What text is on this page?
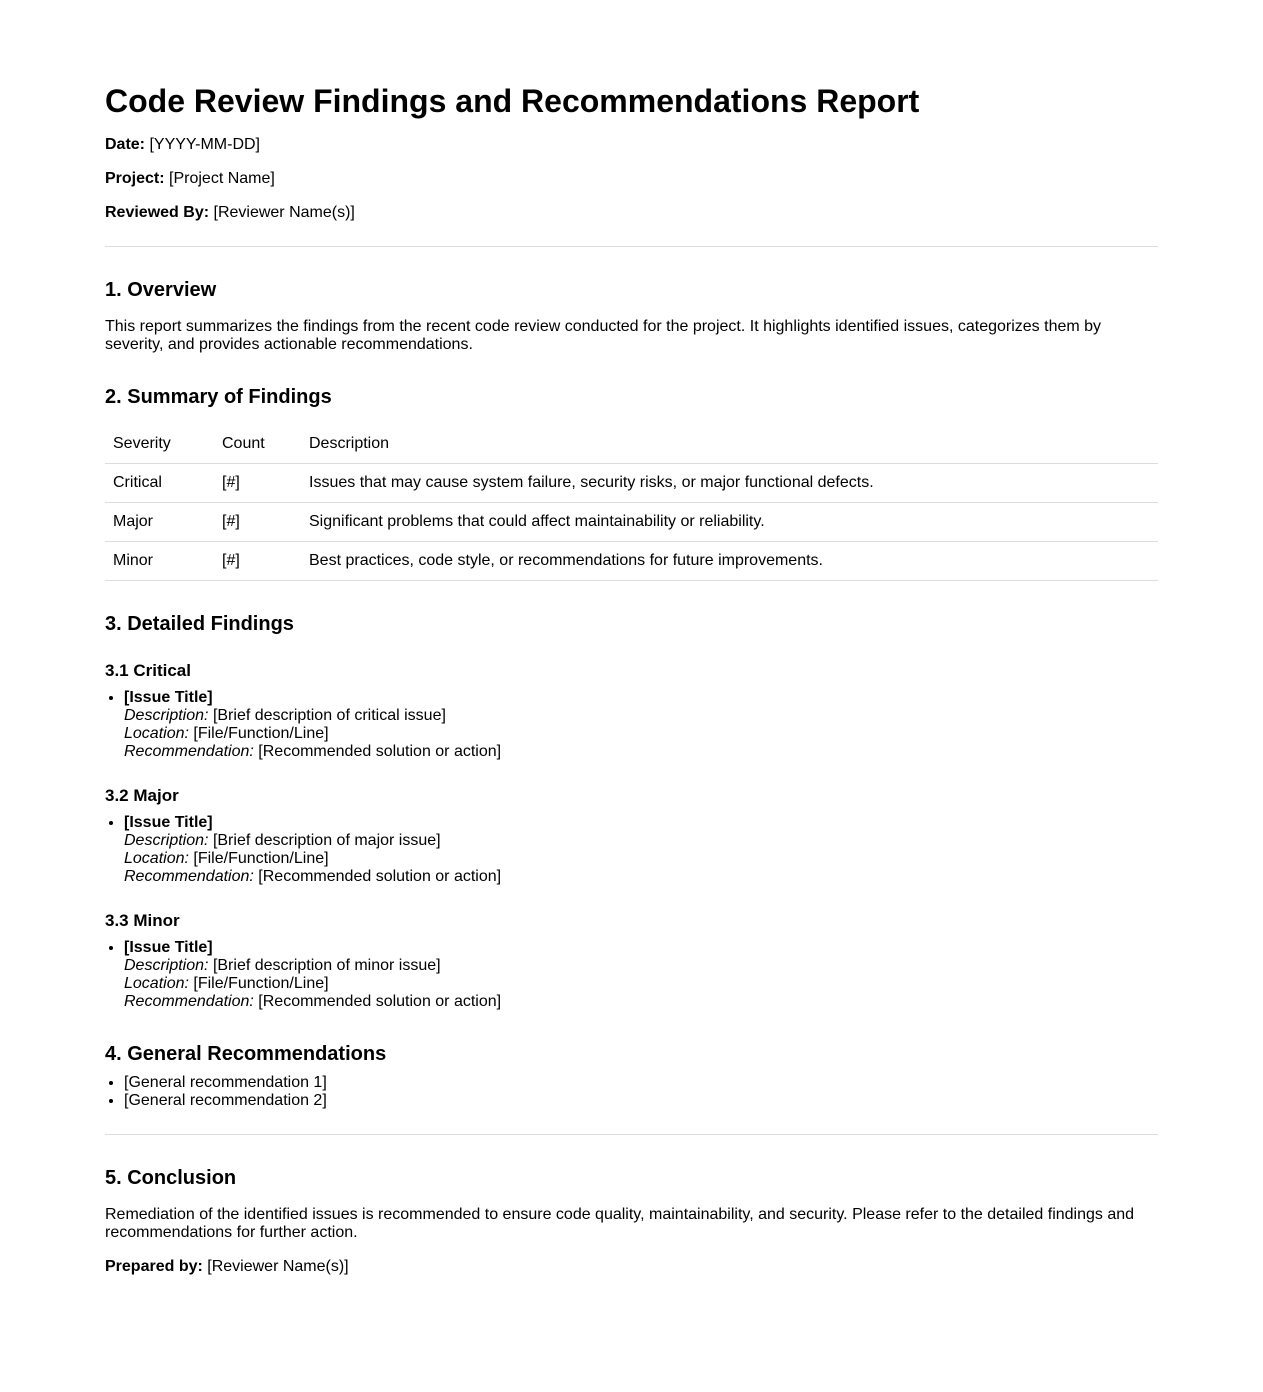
Code Review Findings and Recommendations Report

Date: [YYYY-MM-DD]

Project: [Project Name]

Reviewed By: [Reviewer Name(s)]

1. Overview

This report summarizes the findings from the recent code review conducted for the project. It highlights identified issues, categorizes them by severity, and provides actionable recommendations.

2. Summary of Findings
Severity	Count	Description
Critical	[#]	Issues that may cause system failure, security risks, or major functional defects.
Major	[#]	Significant problems that could affect maintainability or reliability.
Minor	[#]	Best practices, code style, or recommendations for future improvements.
3. Detailed Findings
3.1 Critical
• [Issue Title]
Description: [Brief description of critical issue]
Location: [File/Function/Line]
Recommendation: [Recommended solution or action]
3.2 Major
• [Issue Title]
Description: [Brief description of major issue]
Location: [File/Function/Line]
Recommendation: [Recommended solution or action]
3.3 Minor
• [Issue Title]
Description: [Brief description of minor issue]
Location: [File/Function/Line]
Recommendation: [Recommended solution or action]
4. General Recommendations
• [General recommendation 1]
• [General recommendation 2]
5. Conclusion

Remediation of the identified issues is recommended to ensure code quality, maintainability, and security. Please refer to the detailed findings and recommendations for further action.

Prepared by: [Reviewer Name(s)]
